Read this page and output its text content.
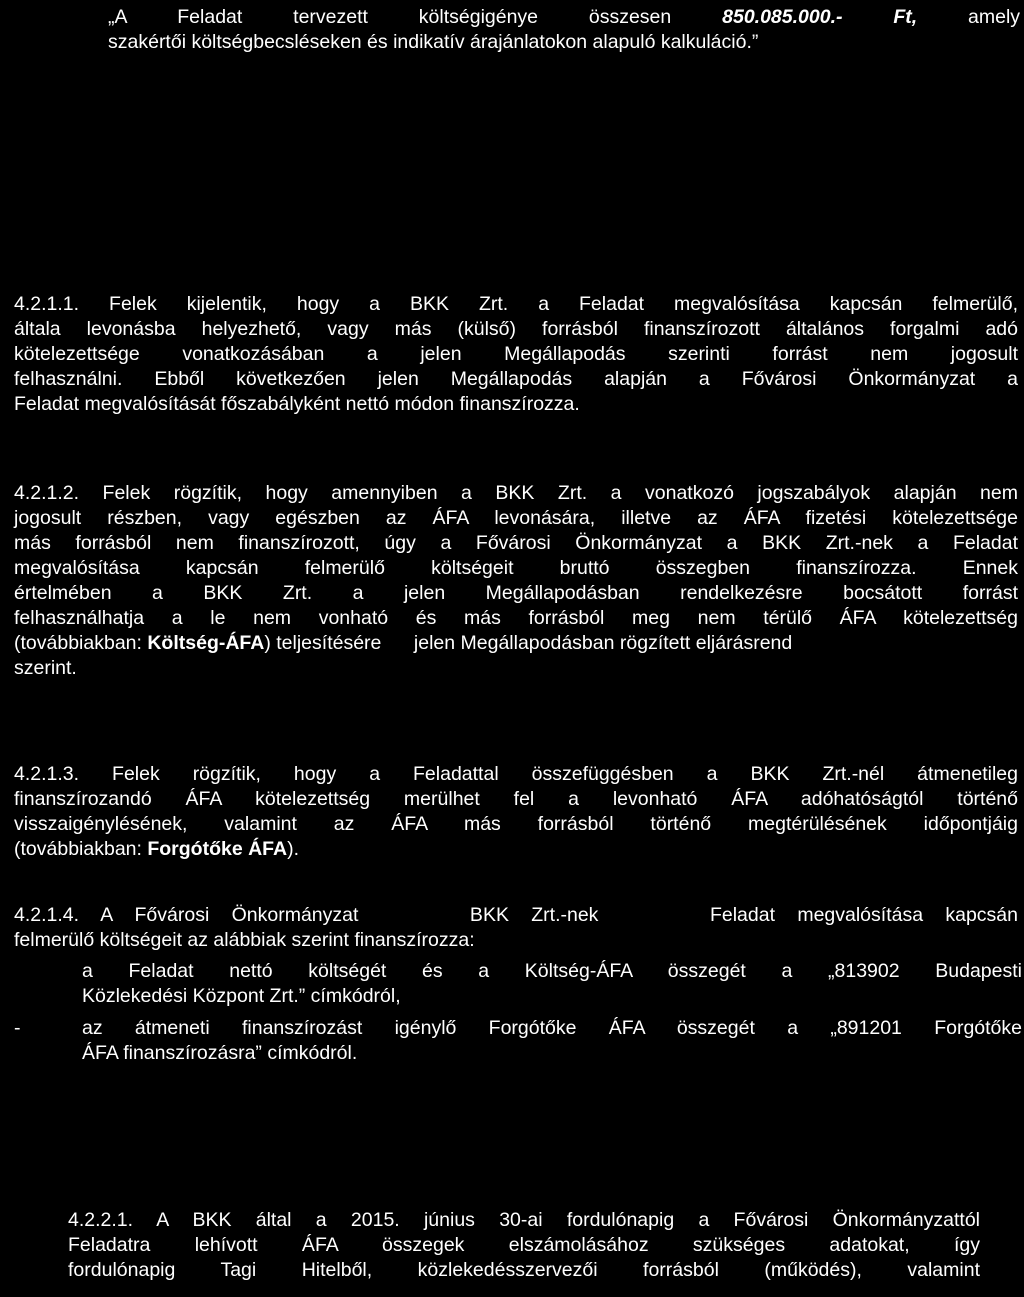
„A Feladat tervezett költségigénye összesen	850.085.000.- Ft,	amely
szakértői költségbecsléseken és indikatív árajánlatokon alapuló kalkuláció.”
4.2.1.1. Felek kijelentik, hogy a BKK Zrt. a Feladat megvalósítása kapcsán felmerülő,
általa levonásba helyezhető, vagy más (külső) forrásból finanszírozott általános forgalmi adó
kötelezettsége vonatkozásában a jelen Megállapodás szerinti forrást nem jogosult
felhasználni. Ebből következően jelen Megállapodás alapján a Fővárosi Önkormányzat a
Feladat megvalósítását főszabályként nettó módon finanszírozza.
4.2.1.2. Felek rögzítik, hogy amennyiben a BKK Zrt. a vonatkozó jogszabályok alapján nem
jogosult részben, vagy egészben az ÁFA levonására, illetve az ÁFA fizetési kötelezettsége
más forrásból nem finanszírozott, úgy a Fővárosi Önkormányzat a BKK Zrt.-nek a Feladat
megvalósítása kapcsán felmerülő költségeit bruttó összegben finanszírozza. Ennek
értelmében a BKK Zrt. a jelen Megállapodásban rendelkezésre bocsátott forrást
felhasználhatja a le nem vonható és más forrásból meg nem térülő ÁFA kötelezettség
(továbbiakban: Költség-ÁFA) teljesítésére      jelen Megállapodásban rögzített eljárásrend
szerint.
4.2.1.3. Felek rögzítik, hogy a Feladattal összefüggésben a BKK Zrt.-nél átmenetileg
finanszírozandó ÁFA kötelezettség merülhet fel a levonható ÁFA adóhatóságtól történő
visszaigénylésének, valamint az ÁFA más forrásból történő megtérülésének időpontjáig
(továbbiakban: Forgótőke ÁFA).
4.2.1.4. A Fővárosi Önkormányzat     BKK Zrt.-nek     Feladat megvalósítása kapcsán
felmerülő költségeit az alábbiak szerint finanszírozza:
a Feladat nettó költségét és a Költség-ÁFA összegét a „813902 Budapesti
Közlekedési Központ Zrt.” címkódról,
-	az átmeneti finanszírozást igénylő Forgótőke ÁFA összegét a „891201 Forgótőke
ÁFA finanszírozásra” címkódról.
4.2.2.1. A BKK által a 2015. június 30-ai fordulónapig a Fővárosi Önkormányzattól
Feladatra lehívott ÁFA összegek elszámolásához szükséges adatokat, így
fordulónapig Tagi Hitelből, közlekedésszervezői forrásból (működés), valamint
